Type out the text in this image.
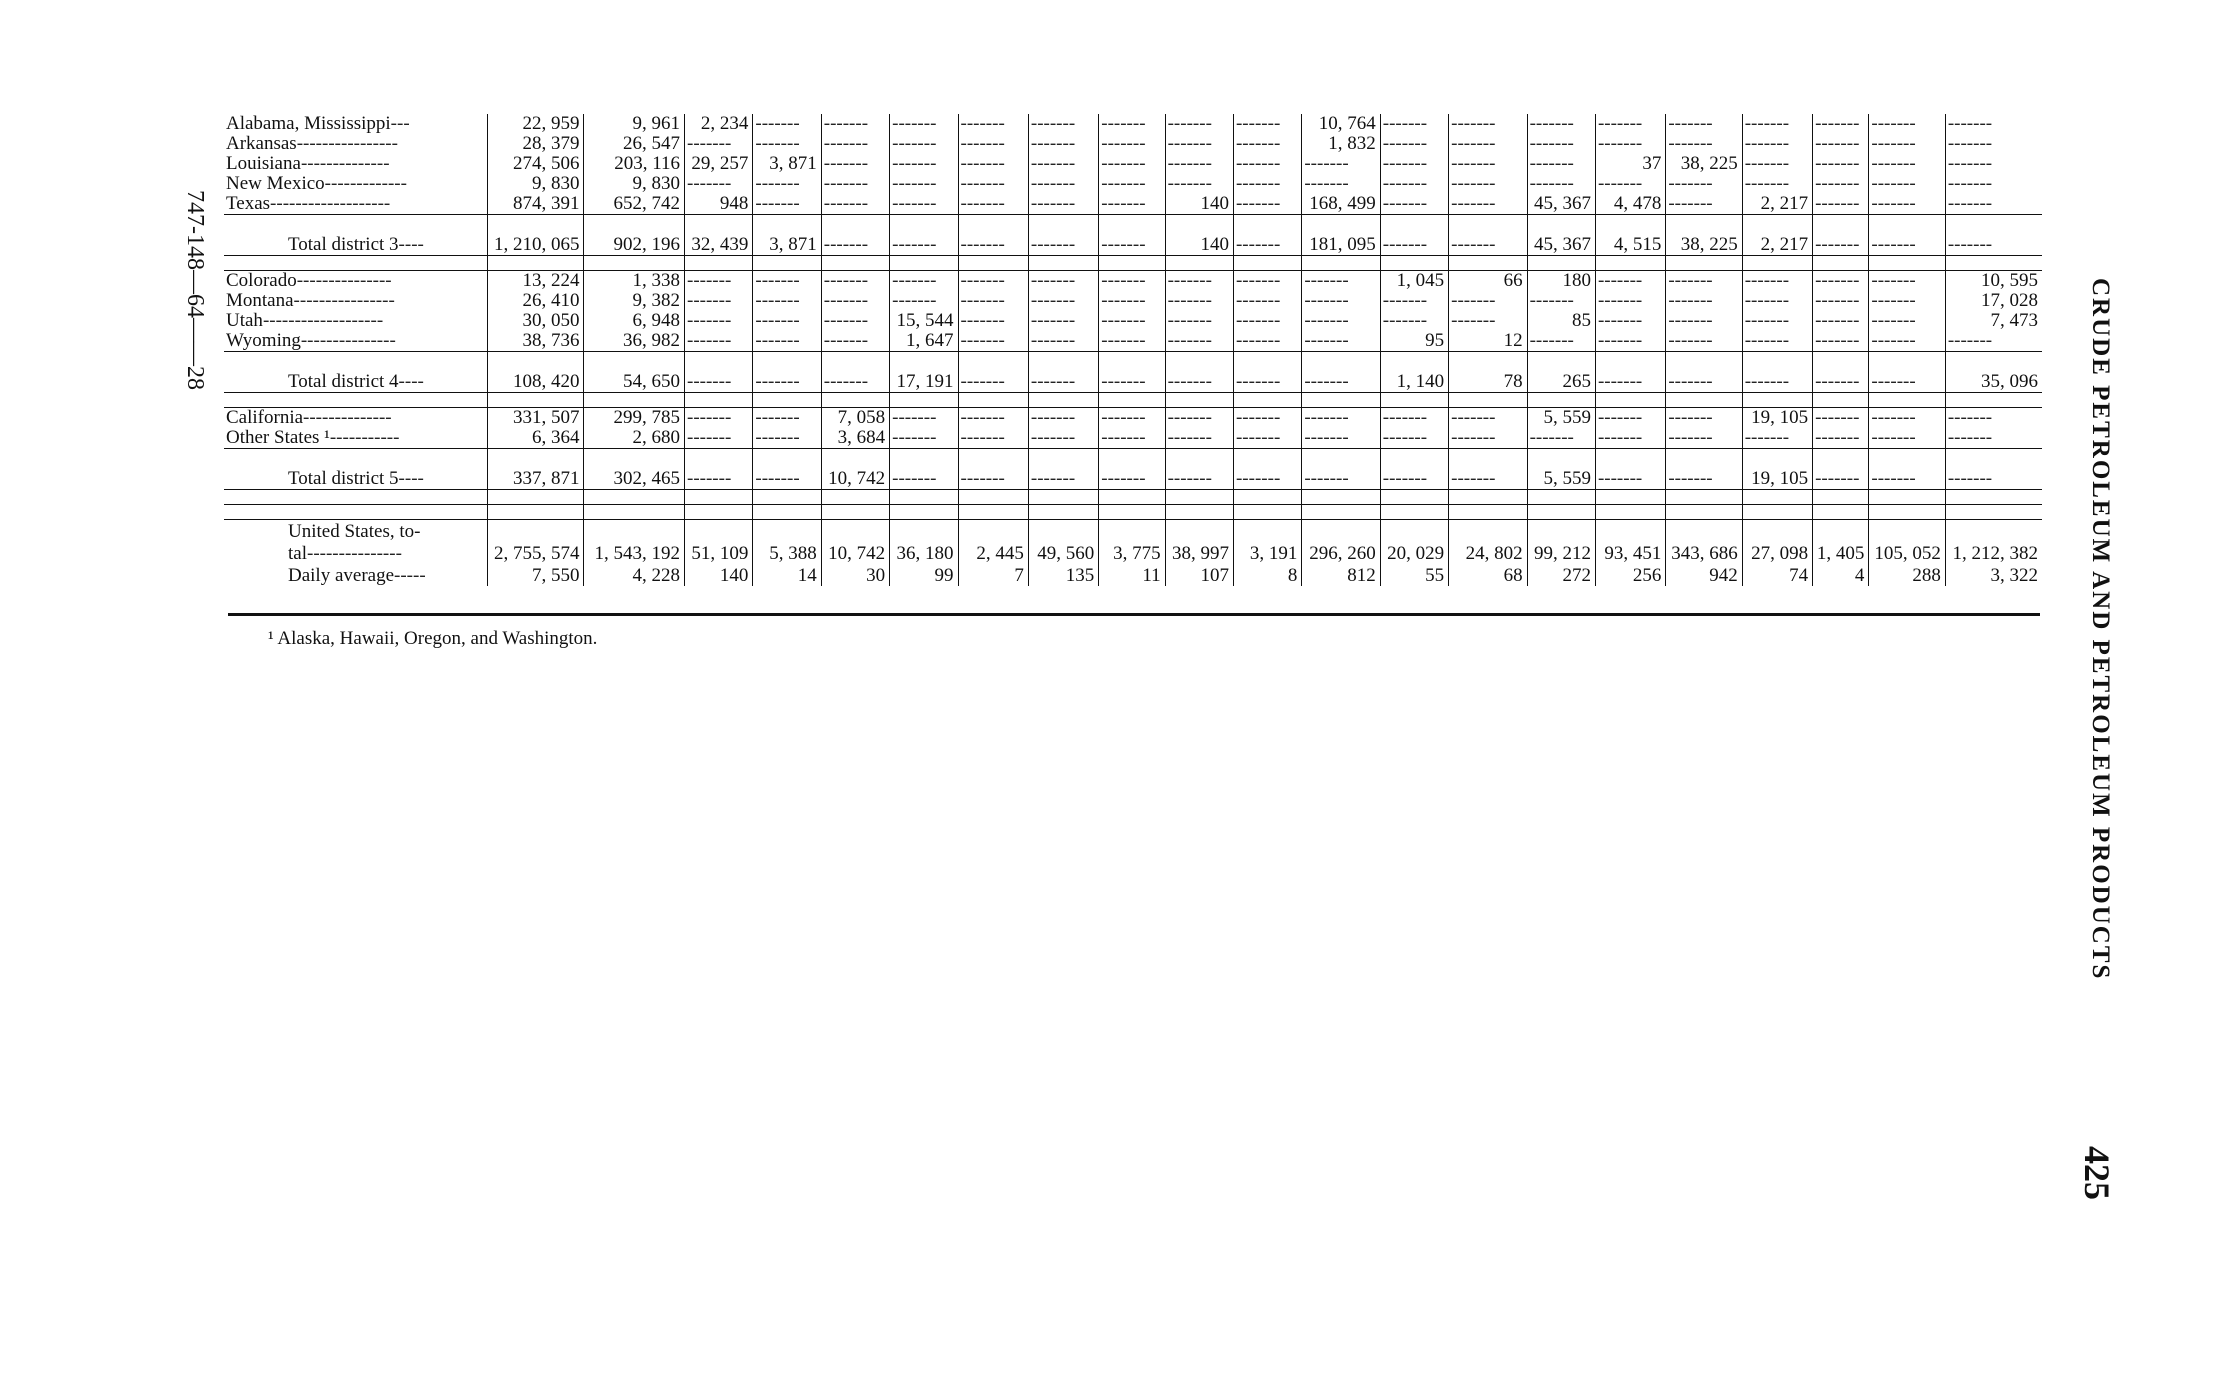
747-148—64——28
Alabama, Mississippi---	22, 959	9, 961	2, 234	-------	-------	-------	-------	-------	-------	-------	-------	10, 764	-------	-------	-------	-------	-------	-------	-------	-------	-------
Arkansas----------------	28, 379	26, 547	-------	-------	-------	-------	-------	-------	-------	-------	-------	1, 832	-------	-------	-------	-------	-------	-------	-------	-------	-------
Louisiana--------------	274, 506	203, 116	29, 257	3, 871	-------	-------	-------	-------	-------	-------	-------	-------	-------	-------	-------	37	38, 225	-------	-------	-------	-------
New Mexico-------------	9, 830	9, 830	-------	-------	-------	-------	-------	-------	-------	-------	-------	-------	-------	-------	-------	-------	-------	-------	-------	-------	-------
Texas-------------------	874, 391	652, 742	948	-------	-------	-------	-------	-------	-------	140	-------	168, 499	-------	-------	45, 367	4, 478	-------	2, 217	-------	-------	-------

Total district 3----	1, 210, 065	902, 196	32, 439	3, 871	-------	-------	-------	-------	-------	140	-------	181, 095	-------	-------	45, 367	4, 515	38, 225	2, 217	-------	-------	-------

Colorado---------------	13, 224	1, 338	-------	-------	-------	-------	-------	-------	-------	-------	-------	-------	1, 045	66	180	-------	-------	-------	-------	-------	10, 595
Montana----------------	26, 410	9, 382	-------	-------	-------	-------	-------	-------	-------	-------	-------	-------	-------	-------	-------	-------	-------	-------	-------	-------	17, 028
Utah-------------------	30, 050	6, 948	-------	-------	-------	15, 544	-------	-------	-------	-------	-------	-------	-------	-------	85	-------	-------	-------	-------	-------	7, 473
Wyoming---------------	38, 736	36, 982	-------	-------	-------	1, 647	-------	-------	-------	-------	-------	-------	95	12	-------	-------	-------	-------	-------	-------	-------

Total district 4----	108, 420	54, 650	-------	-------	-------	17, 191	-------	-------	-------	-------	-------	-------	1, 140	78	265	-------	-------	-------	-------	-------	35, 096

California--------------	331, 507	299, 785	-------	-------	7, 058	-------	-------	-------	-------	-------	-------	-------	-------	-------	5, 559	-------	-------	19, 105	-------	-------	-------
Other States ¹-----------	6, 364	2, 680	-------	-------	3, 684	-------	-------	-------	-------	-------	-------	-------	-------	-------	-------	-------	-------	-------	-------	-------	-------

Total district 5----	337, 871	302, 465	-------	-------	10, 742	-------	-------	-------	-------	-------	-------	-------	-------	-------	5, 559	-------	-------	19, 105	-------	-------	-------

United States, to-																					
tal---------------	2, 755, 574	1, 543, 192	51, 109	5, 388	10, 742	36, 180	2, 445	49, 560	3, 775	38, 997	3, 191	296, 260	20, 029	24, 802	99, 212	93, 451	343, 686	27, 098	1, 405	105, 052	1, 212, 382
Daily average-----	7, 550	4, 228	140	14	30	99	7	135	11	107	8	812	55	68	272	256	942	74	4	288	3, 322
¹ Alaska, Hawaii, Oregon, and Washington.	CRUDE PETROLEUM AND PETROLEUM PRODUCTS
425
